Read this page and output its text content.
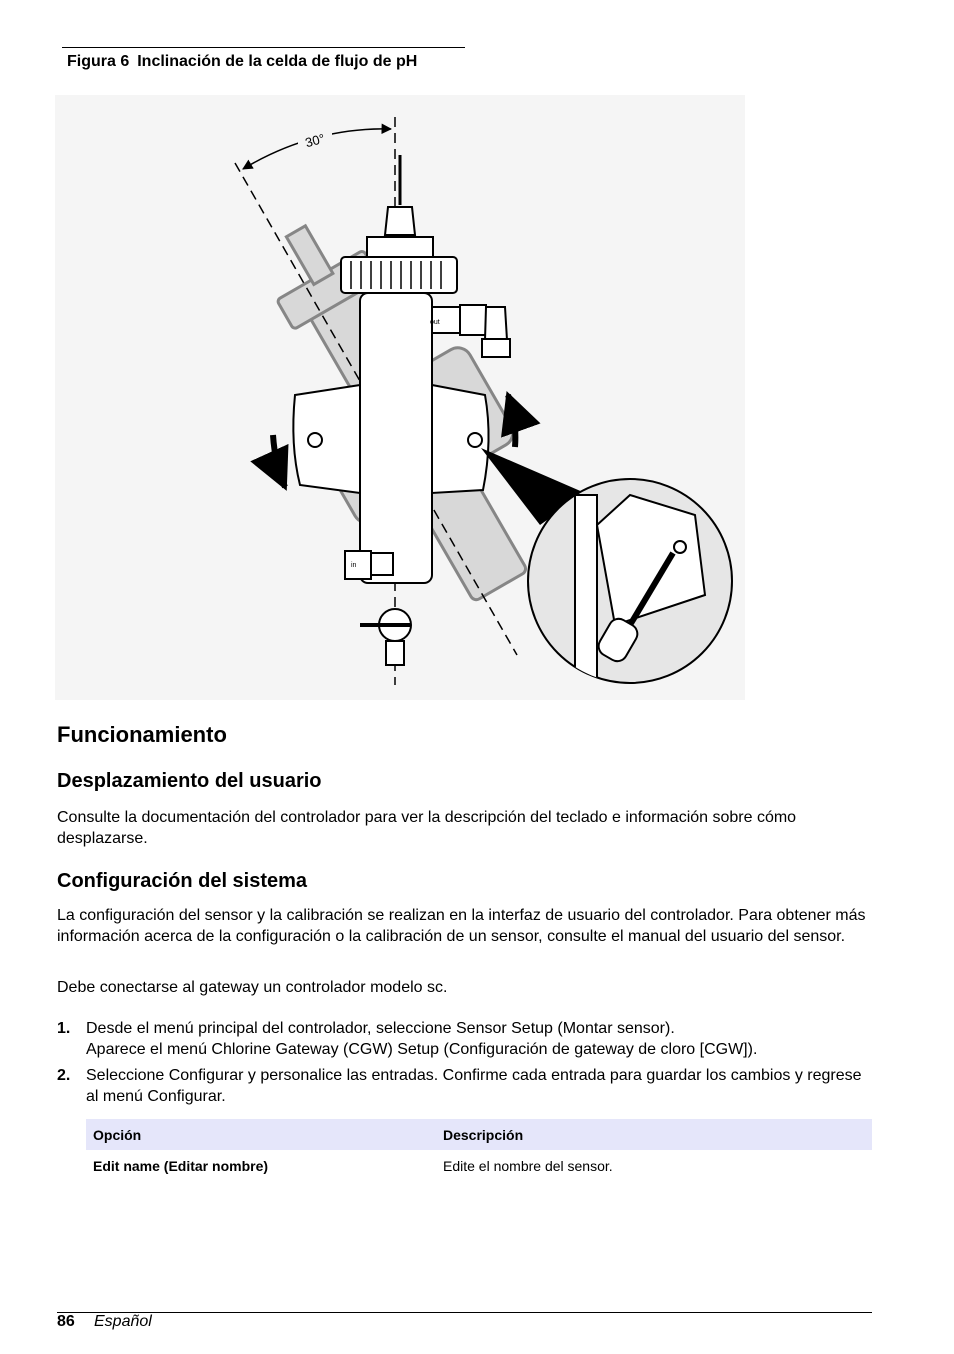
Figura 6 Inclinación de la celda de flujo de pH
30°
out
in
Funcionamiento
Desplazamiento del usuario

Consulte la documentación del controlador para ver la descripción del teclado e información sobre cómo desplazarse.

Configuración del sistema

La configuración del sensor y la calibración se realizan en la interfaz de usuario del controlador. Para obtener más información acerca de la configuración o la calibración de un sensor, consulte el manual del usuario del sensor.

Debe conectarse al gateway un controlador modelo sc.

1. Desde el menú principal del controlador, seleccione Sensor Setup (Montar sensor).
Aparece el menú Chlorine Gateway (CGW) Setup (Configuración de gateway de cloro [CGW]).
2. Seleccione Configurar y personalice las entradas. Confirme cada entrada para guardar los cambios y regrese al menú Configurar.
Opción	Descripción
Edit name (Editar nombre)	Edite el nombre del sensor.
86 Español
